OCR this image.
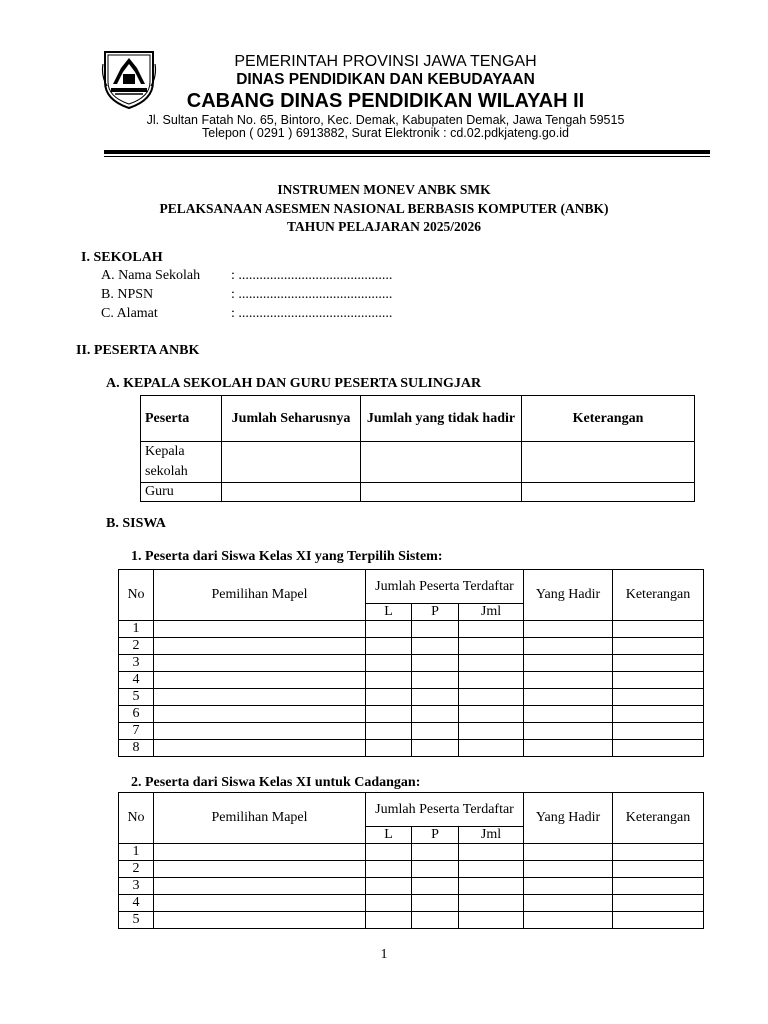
PEMERINTAH PROVINSI JAWA TENGAH
DINAS PENDIDIKAN DAN KEBUDAYAAN
CABANG DINAS PENDIDIKAN WILAYAH II
Jl. Sultan Fatah No. 65, Bintoro, Kec. Demak, Kabupaten Demak, Jawa Tengah 59515
Telepon ( 0291 ) 6913882, Surat Elektronik : cd.02.pdkjateng.go.id
INSTRUMEN MONEV ANBK SMK
PELAKSANAAN ASESMEN NASIONAL BERBASIS KOMPUTER (ANBK)
TAHUN PELAJARAN 2025/2026
I. SEKOLAH
A. Nama Sekolah : ............................................
B. NPSN	: ............................................
C. Alamat	: ............................................
II. PESERTA ANBK
A. KEPALA SEKOLAH DAN GURU PESERTA SULINGJAR
Peserta	Jumlah Seharusnya	Jumlah yang tidak hadir	Keterangan
Kepala sekolah			
Guru			
B. SISWA
1. Peserta dari Siswa Kelas XI yang Terpilih Sistem:
No	Pemilihan Mapel	Jumlah Peserta Terdaftar			Yang Hadir	Keterangan
		L	P	Jml		
1						
2						
3						
4						
5						
6						
7						
8						
2. Peserta dari Siswa Kelas XI untuk Cadangan:
No	Pemilihan Mapel	Jumlah Peserta Terdaftar			Yang Hadir	Keterangan
		L	P	Jml		
1						
2						
3						
4						
5						
1
